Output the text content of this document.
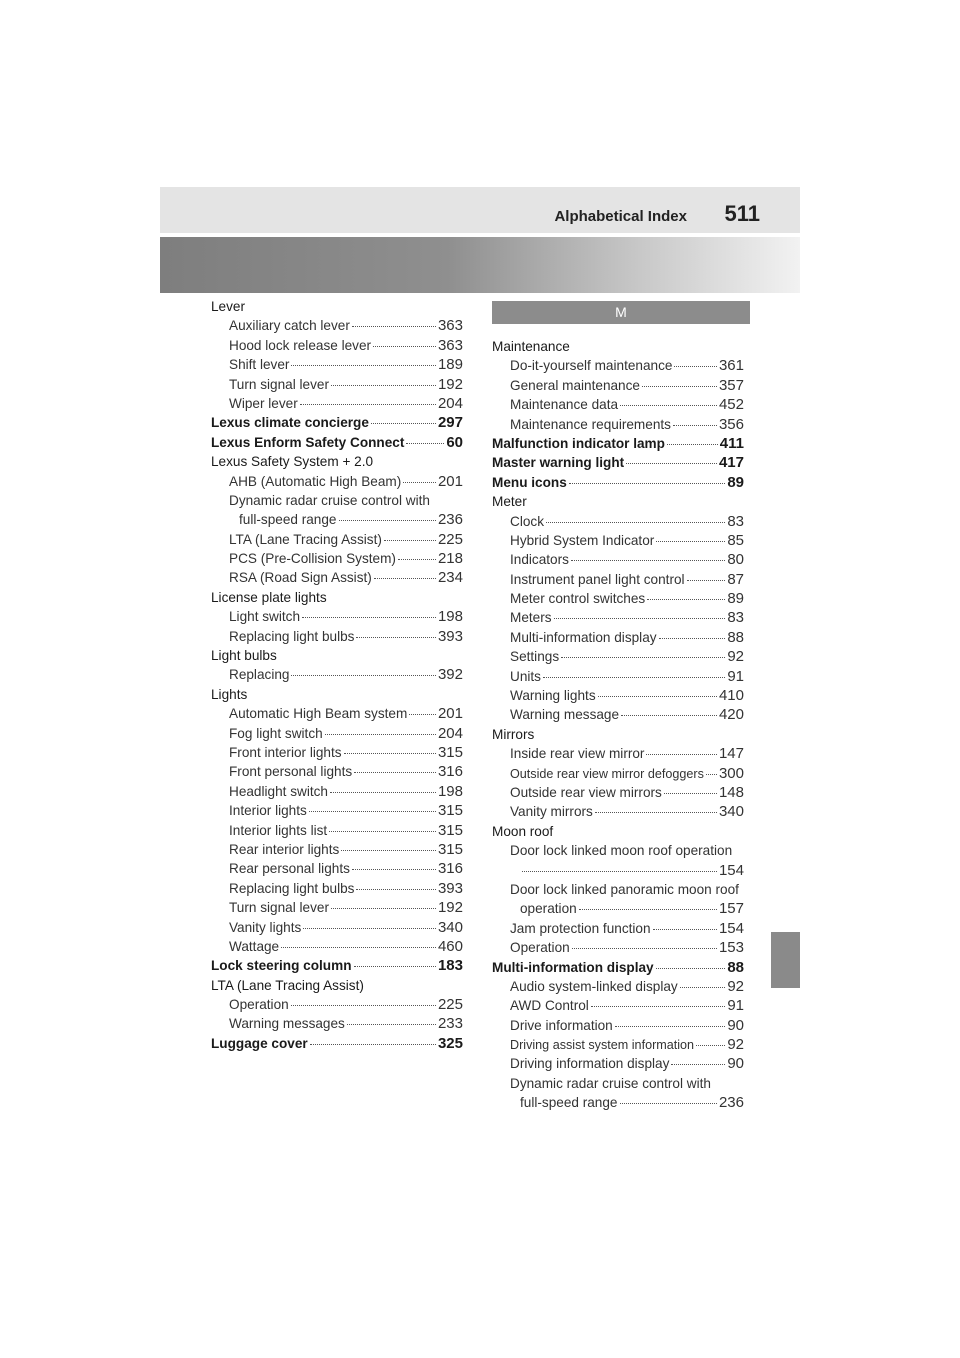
Alphabetical Index 511
Lever
Auxiliary catch lever	363
Hood lock release lever	363
Shift lever	189
Turn signal lever	192
Wiper lever	204
Lexus climate concierge	297
Lexus Enform Safety Connect	60
Lexus Safety System + 2.0
AHB (Automatic High Beam) 201
Dynamic radar cruise control with
full-speed range	236
LTA (Lane Tracing Assist)	225
PCS (Pre-Collision System)	218
RSA (Road Sign Assist)	234
License plate lights
Light switch	198
Replacing light bulbs	393
Light bulbs
Replacing	392
Lights
Automatic High Beam system 201
Fog light switch	204
Front interior lights	315
Front personal lights	316
Headlight switch	198
Interior lights	315
Interior lights list	315
Rear interior lights	315
Rear personal lights	316
Replacing light bulbs	393
Turn signal lever	192
Vanity lights	340
Wattage	460
Lock steering column	183
LTA (Lane Tracing Assist)
Operation	225
Warning messages	233
Luggage cover	325
M
Maintenance
Do-it-yourself maintenance	361
General maintenance	357
Maintenance data	452
Maintenance requirements	356
Malfunction indicator lamp	411
Master warning light	417
Menu icons	89
Meter
Clock	83
Hybrid System Indicator	85
Indicators	80
Instrument panel light control	87
Meter control switches	89
Meters	83
Multi-information display	88
Settings	92
Units	91
Warning lights	410
Warning message	420
Mirrors
Inside rear view mirror	147
Outside rear view mirror defoggers 300
Outside rear view mirrors	148
Vanity mirrors	340
Moon roof
Door lock linked moon roof operation
154
Door lock linked panoramic moon roof
operation	157
Jam protection function	154
Operation	153
Multi-information display	88
Audio system-linked display	92
AWD Control	91
Drive information	90
Driving assist system information 92
Driving information display	90
Dynamic radar cruise control with
full-speed range	236
